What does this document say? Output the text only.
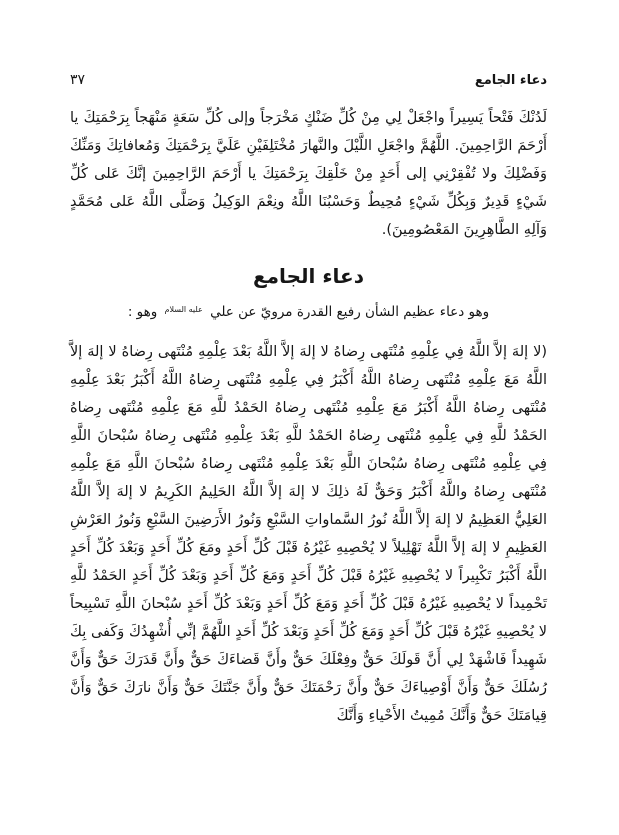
دعاء الجامع
٣٧

لَدُنْكَ فَتْحاً يَسِيراً واجْعَلْ لِي مِنْ كُلِّ ضَنْكٍ مَخْرَجاً وإلى كُلِّ سَعَةٍ مَنْهَجاً بِرَحْمَتِكَ يا أَرْحَمَ الرَّاحِمِينَ. اللَّهُمَّ واجْعَلِ اللَّيْلَ والنَّهارَ مُخْتَلِفَيْنِ عَلَيَّ بِرَحْمَتِكَ وَمُعافاتِكَ وَمَنِّكَ وَفَضْلِكَ ولا تُفْقِرْنِي إلى أَحَدٍ مِنْ خَلْقِكَ بِرَحْمَتِكَ يا أَرْحَمَ الرَّاحِمِينَ إنَّكَ عَلى كُلِّ شَيْءٍ قَدِيرٌ وَبِكُلِّ شَيْءٍ مُحِيطٌ وَحَسْبُنَا اللَّهُ ونِعْمَ الوَكِيلُ وَصَلَّى اللَّهُ عَلى مُحَمَّدٍ وَآلِهِ الطَّاهِرِينَ المَعْصُومِينَ).

دعاء الجامع

وهو دعاء عظيم الشأن رفيع القدرة مرويّ عن علي عليه السلام وهو :

(لا إلهَ إلاَّ اللَّهُ فِي عِلْمِهِ مُنْتَهى رِضاهُ لا إلهَ إلاَّ اللَّهُ بَعْدَ عِلْمِهِ مُنْتَهى رِضاهُ لا إلهَ إلاَّ اللَّهُ مَعَ عِلْمِهِ مُنْتَهى رِضاهُ اللَّهُ أَكْبَرُ فِي عِلْمِهِ مُنْتَهى رِضاهُ اللَّهُ أَكْبَرُ بَعْدَ عِلْمِهِ مُنْتَهى رِضاهُ اللَّهُ أَكْبَرُ مَعَ عِلْمِهِ مُنْتَهى رِضاهُ الحَمْدُ للَّهِ مَعَ عِلْمِهِ مُنْتَهى رِضاهُ الحَمْدُ للَّهِ فِي عِلْمِهِ مُنْتَهى رِضاهُ الحَمْدُ للَّهِ بَعْدَ عِلْمِهِ مُنْتَهى رِضاهُ سُبْحانَ اللَّهِ فِي عِلْمِهِ مُنْتَهى رِضاهُ سُبْحانَ اللَّهِ بَعْدَ عِلْمِهِ مُنْتَهى رِضاهُ سُبْحانَ اللَّهِ مَعَ عِلْمِهِ مُنْتَهى رِضاهُ واللَّهُ أَكْبَرُ وَحَقٌّ لَهُ ذلِكَ لا إلهَ إلاَّ اللَّهُ الحَلِيمُ الكَرِيمُ لا إلهَ إلاَّ اللَّهُ العَلِيُّ العَظِيمُ لا إلهَ إلاَّ اللَّهُ نُورُ السَّماواتِ السَّبْعِ وَنُورُ الأَرَضِينَ السَّبْعِ وَنُورُ العَرْشِ العَظِيمِ لا إلهَ إلاَّ اللَّهُ تَهْلِيلاً لا يُحْصِيهِ غَيْرُهُ قَبْلَ كُلِّ أَحَدٍ ومَعَ كُلِّ أَحَدٍ وَبَعْدَ كُلِّ أَحَدٍ اللَّهُ أَكْبَرُ تَكْبِيراً لا يُحْصِيهِ غَيْرُهُ قَبْلَ كُلِّ أَحَدٍ وَمَعَ كُلِّ أَحَدٍ وَبَعْدَ كُلِّ أَحَدٍ الحَمْدُ للَّهِ تَحْمِيداً لا يُحْصِيهِ غَيْرُهُ قَبْلَ كُلِّ أَحَدٍ وَمَعَ كُلِّ أَحَدٍ وَبَعْدَ كُلِّ أَحَدٍ سُبْحانَ اللَّهِ تَسْبِيحاً لا يُحْصِيهِ غَيْرُهُ قَبْلَ كُلِّ أَحَدٍ وَمَعَ كُلِّ أَحَدٍ وَبَعْدَ كُلِّ أَحَدٍ اللَّهُمَّ إنِّي أُشْهِدُكَ وَكَفى بِكَ شَهِيداً فَاشْهَدْ لِي أَنَّ قَولَكَ حَقٌّ وفِعْلَكَ حَقٌّ وأَنَّ قَضاءَكَ حَقٌّ وأَنَّ قَدَرَكَ حَقٌّ وَأَنَّ رُسُلَكَ حَقٌّ وَأَنَّ أَوْصِياءَكَ حَقٌّ وأَنَّ رَحْمَتَكَ حَقٌّ وأَنَّ جَنَّتَكَ حَقٌّ وَأَنَّ نارَكَ حَقٌّ وَأَنَّ قِيامَتَكَ حَقٌّ وَأَنَّكَ مُمِيتُ الأَحْياءِ وَأَنَّكَ
